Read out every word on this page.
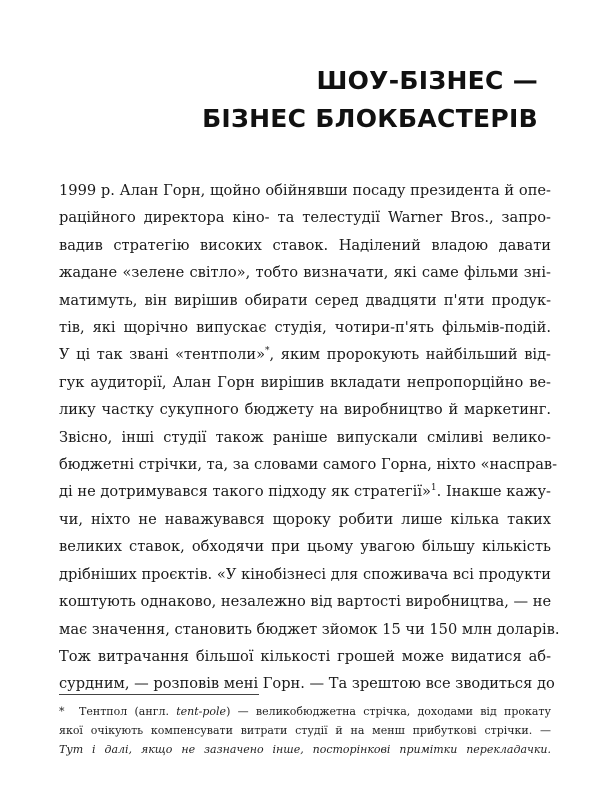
ШОУ-БІЗНЕС —
БІЗНЕС БЛОКБАСТЕРІВ
1999 р. Алан Горн, щойно обійнявши посаду президента й опе-
раційного директора кіно- та телестудії Warner Bros., запро-
вадив стратегію високих ставок. Наділений владою давати
жадане «зелене світло», тобто визначати, які саме фільми зні-
матимуть, він вирішив обирати серед двадцяти п'яти продук-
тів, які щорічно випускає студія, чотири-п'ять фільмів-подій.
У ці так звані «тентполи»*, яким пророкують найбільший від-
гук аудиторії, Алан Горн вирішив вкладати непропорційно ве-
лику частку сукупного бюджету на виробництво й маркетинг.
Звісно, інші студії також раніше випускали сміливі велико-
бюджетні стрічки, та, за словами самого Горна, ніхто «насправ-
ді не дотримувався такого підходу як стратегії»$^1$. Інакше кажу-
чи, ніхто не наважувався щороку робити лише кілька таких
великих ставок, обходячи при цьому увагою більшу кількість
дрібніших проєктів. «У кінобізнесі для споживача всі продукти
коштують однаково, незалежно від вартості виробництва, — не
має значення, становить бюджет зйомок 15 чи 150 млн доларів.
Тож витрачання більшої кількості грошей може видатися аб-
сурдним, — розповів мені Горн. — Та зрештою все зводиться до
* Тентпол (англ. tent-pole) — великобюджетна стрічка, доходами від прокату
якої очікують компенсувати витрати студії й на менш прибуткові стрічки. —
Тут і далі, якщо не зазначено інше, посторінкові примітки перекладачки.
